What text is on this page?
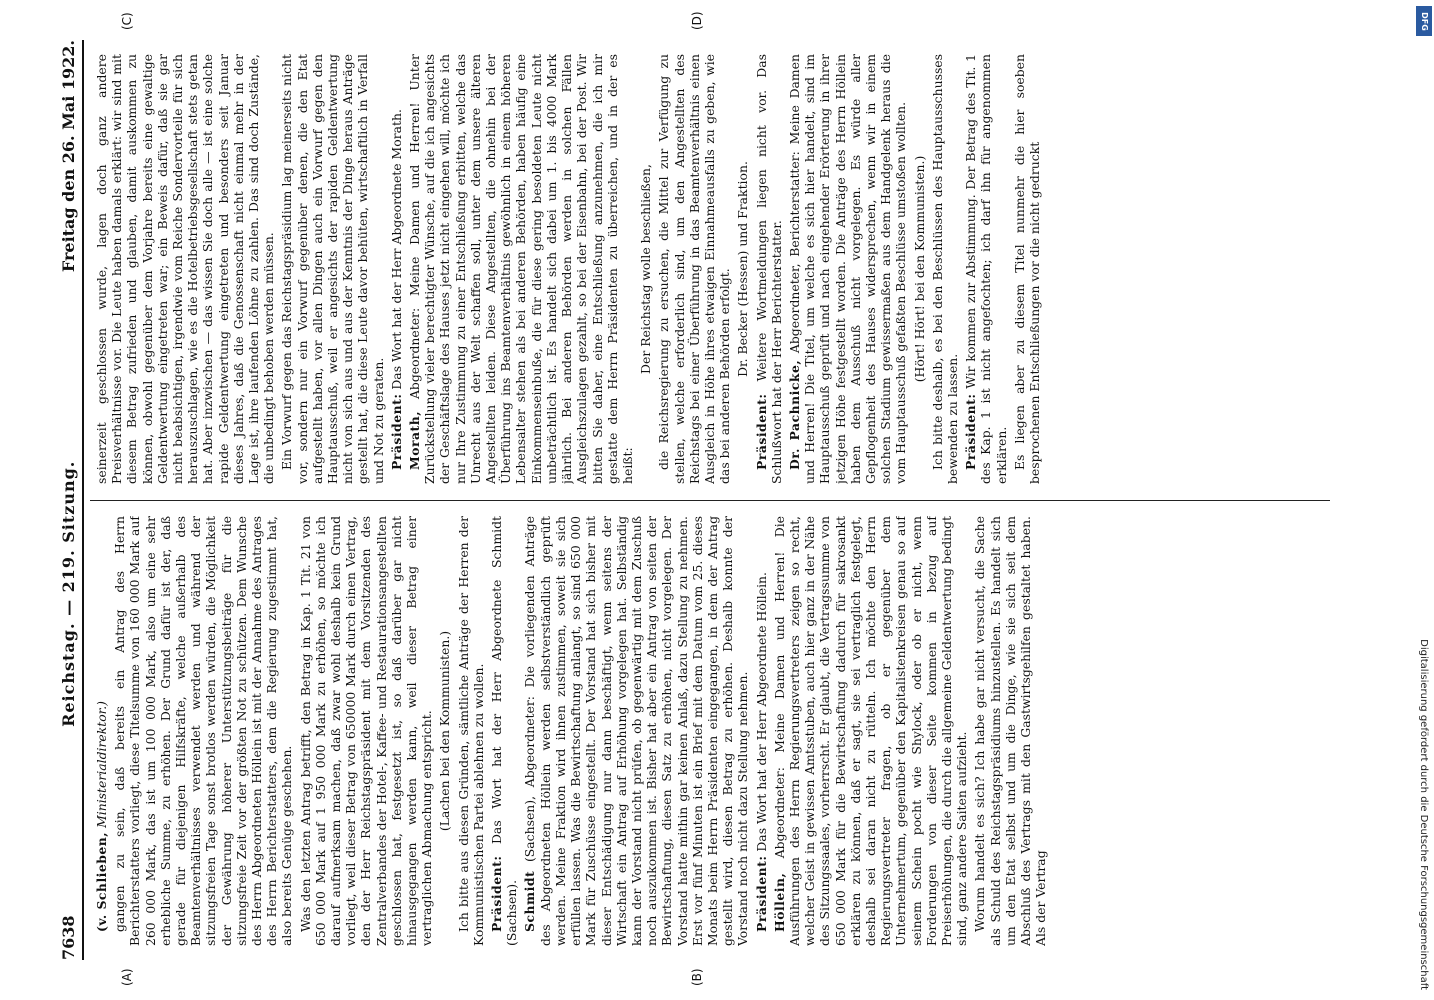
7638
Reichstag. — 219. Sitzung.
Freitag den 26. Mai 1922.
(A)	(B)
(C)	(D)

(v. Schlieben, Ministerialdirektor.) gangen zu sein, daß bereits ein Antrag des Herrn Berichterstatters vorliegt, diese Titelsumme von 160 000 Mark auf 260 000 Mark, das ist um 100 000 Mark, also um eine sehr erhebliche Summe, zu erhöhen. Der Grund dafür ist der, daß gerade für diejenigen Hilfskräfte, welche außerhalb des Beamtenverhältnisses verwendet werden und während der sitzungsfreien Tage sonst brotlos werden würden, die Möglichkeit der Gewährung höherer Unterstützungsbeiträge für die sitzungsfreie Zeit vor der größten Not zu schützen. Dem Wunsche des Herrn Abgeordneten Höllein ist mit der Annahme des Antrages des Herrn Berichterstatters, dem die Regierung zugestimmt hat, also bereits Genüge geschehen. Was den letzten Antrag betrifft, den Betrag in Kap. 1 Tit. 21 von 650 000 Mark auf 1 950 000 Mark zu erhöhen, so möchte ich darauf aufmerksam machen, daß zwar wohl deshalb kein Grund vorliegt, weil dieser Betrag von 650000 Mark durch einen Vertrag, den der Herr Reichstagspräsident mit dem Vorsitzenden des Zentralverbandes der Hotel-, Kaffee- und Restaurationsangestellten geschlossen hat, festgesetzt ist, so daß darüber gar nicht hinausgegangen werden kann, weil dieser Betrag einer vertraglichen Abmachung entspricht. (Lachen bei den Kommunisten.) Ich bitte aus diesen Gründen, sämtliche Anträge der Herren der Kommunistischen Partei ablehnen zu wollen. Präsident: Das Wort hat der Herr Abgeordnete Schmidt (Sachsen). Schmidt (Sachsen), Abgeordneter: Die vorliegenden Anträge des Abgeordneten Höllein werden selbstverständlich geprüft werden. Meine Fraktion wird ihnen zustimmen, soweit sie sich erfüllen lassen. Was die Bewirtschaftung anlangt, so sind 650 000 Mark für Zuschüsse eingestellt. Der Vorstand hat sich bisher mit dieser Entschädigung nur dann beschäftigt, wenn seitens der Wirtschaft ein Antrag auf Erhöhung vorgelegen hat. Selbständig kann der Vorstand nicht prüfen, ob gegenwärtig mit dem Zuschuß noch auszukommen ist. Bisher hat aber ein Antrag von seiten der Bewirtschaftung, diesen Satz zu erhöhen, nicht vorgelegen. Der Vorstand hatte mithin gar keinen Anlaß, dazu Stellung zu nehmen. Erst vor fünf Minuten ist ein Brief mit dem Datum vom 25. dieses Monats beim Herrn Präsidenten eingegangen, in dem der Antrag gestellt wird, diesen Betrag zu erhöhen. Deshalb konnte der Vorstand noch nicht dazu Stellung nehmen. Präsident: Das Wort hat der Herr Abgeordnete Höllein.

Höllein, Abgeordneter: Meine Damen und Herren! Die Ausführungen des Herrn Regierungsvertreters zeigen so recht, welcher Geist in gewissen Amtsstuben, auch hier ganz in der Nähe des Sitzungssaales, vorherrscht. Er glaubt, die Vertragssumme von 650 000 Mark für die Bewirtschaftung dadurch für sakrosankt erklären zu können, daß er sagt, sie sei vertraglich festgelegt, deshalb sei daran nicht zu rütteln. Ich möchte den Herrn Regierungsvertreter fragen, ob er gegenüber dem Unternehmertum, gegenüber den Kapitalistenkreisen genau so auf seinem Schein pocht wie Shylock, oder ob er nicht, wenn Forderungen von dieser Seite kommen in bezug auf Preiserhöhungen, die durch die allgemeine Geldentwertung bedingt sind, ganz andere Saiten aufzieht. Worum handelt es sich? Ich habe gar nicht versucht, die Sache als Schuld des Reichstagspräsidiums hinzustellen. Es handelt sich um den Etat selbst und um die Dinge, wie sie sich seit dem Abschluß des Vertrags mit den Gastwirtsgehilfen gestaltet haben. Als der Vertrag

seinerzeit geschlossen wurde, lagen doch ganz andere Preisverhältnisse vor. Die Leute haben damals erklärt: wir sind mit diesem Betrag zufrieden und glauben, damit auskommen zu können, obwohl gegenüber dem Vorjahre bereits eine gewaltige Geldentwertung eingetreten war; ein Beweis dafür, daß sie gar nicht beabsichtigen, irgendwie vom Reiche Sondervorteile für sich herauszuschlagen, wie es die Hotelbetriebsgesellschaft stets getan hat. Aber inzwischen — das wissen Sie doch alle — ist eine solche rapide Geldentwertung eingetreten und besonders seit Januar dieses Jahres, daß die Genossenschaft nicht einmal mehr in der Lage ist, ihre laufenden Löhne zu zahlen. Das sind doch Zustände, die unbedingt behoben werden müssen. Ein Vorwurf gegen das Reichstagspräsidium lag meinerseits nicht vor, sondern nur ein Vorwurf gegenüber denen, die den Etat aufgestellt haben, vor allen Dingen auch ein Vorwurf gegen den Hauptausschuß, weil er angesichts der rapiden Geldentwertung nicht von sich aus und aus der Kenntnis der Dinge heraus Anträge gestellt hat, die diese Leute davor behüten, wirtschaftlich in Verfall und Not zu geraten. Präsident: Das Wort hat der Herr Abgeordnete Morath.

Morath, Abgeordneter: Meine Damen und Herren! Unter Zurückstellung vieler berechtigter Wünsche, auf die ich angesichts der Geschäftslage des Hauses jetzt nicht eingehen will, möchte ich nur Ihre Zustimmung zu einer Entschließung erbitten, welche das Unrecht aus der Welt schaffen soll, unter dem unsere älteren Angestellten leiden. Diese Angestellten, die ohnehin bei der Überführung ins Beamtenverhältnis gewöhnlich in einem höheren Lebensalter stehen als bei anderen Behörden, haben häufig eine Einkommenseinbuße, die für diese gering besoldeten Leute nicht unbeträchtlich ist. Es handelt sich dabei um 1. bis 4000 Mark jährlich. Bei anderen Behörden werden in solchen Fällen Ausgleichszulagen gezahlt, so bei der Eisenbahn, bei der Post. Wir bitten Sie daher, eine Entschließung anzunehmen, die ich mir gestatte dem Herrn Präsidenten zu überreichen, und in der es heißt:

Der Reichstag wolle beschließen, die Reichsregierung zu ersuchen, die Mittel zur Verfügung zu stellen, welche erforderlich sind, um den Angestellten des Reichstags bei einer Überführung in das Beamtenverhältnis einen Ausgleich in Höhe ihres etwaigen Einnahmeausfalls zu geben, wie das bei anderen Behörden erfolgt. Dr. Becker (Hessen) und Fraktion.

Präsident: Weitere Wortmeldungen liegen nicht vor. Das Schlußwort hat der Herr Berichterstatter. Dr. Pachnicke, Abgeordneter, Berichterstatter: Meine Damen und Herren! Die Titel, um welche es sich hier handelt, sind im Hauptausschuß geprüft und nach eingehender Erörterung in ihrer jetzigen Höhe festgestellt worden. Die Anträge des Herrn Höllein haben dem Ausschuß nicht vorgelegen. Es würde aller Gepflogenheit des Hauses widersprechen, wenn wir in einem solchen Stadium gewissermaßen aus dem Handgelenk heraus die vom Hauptausschuß gefaßten Beschlüsse umstoßen wollten. (Hört! Hört! bei den Kommunisten.) Ich bitte deshalb, es bei den Beschlüssen des Hauptausschusses bewenden zu lassen. Präsident: Wir kommen zur Abstimmung. Der Betrag des Tit. 1 des Kap. 1 ist nicht angefochten; ich darf ihn für angenommen erklären. Es liegen aber zu diesem Titel nunmehr die hier soeben besprochenen Entschließungen vor die nicht gedruckt

DFG
Digitalisierung gefördert durch die Deutsche Forschungsgemeinschaft
